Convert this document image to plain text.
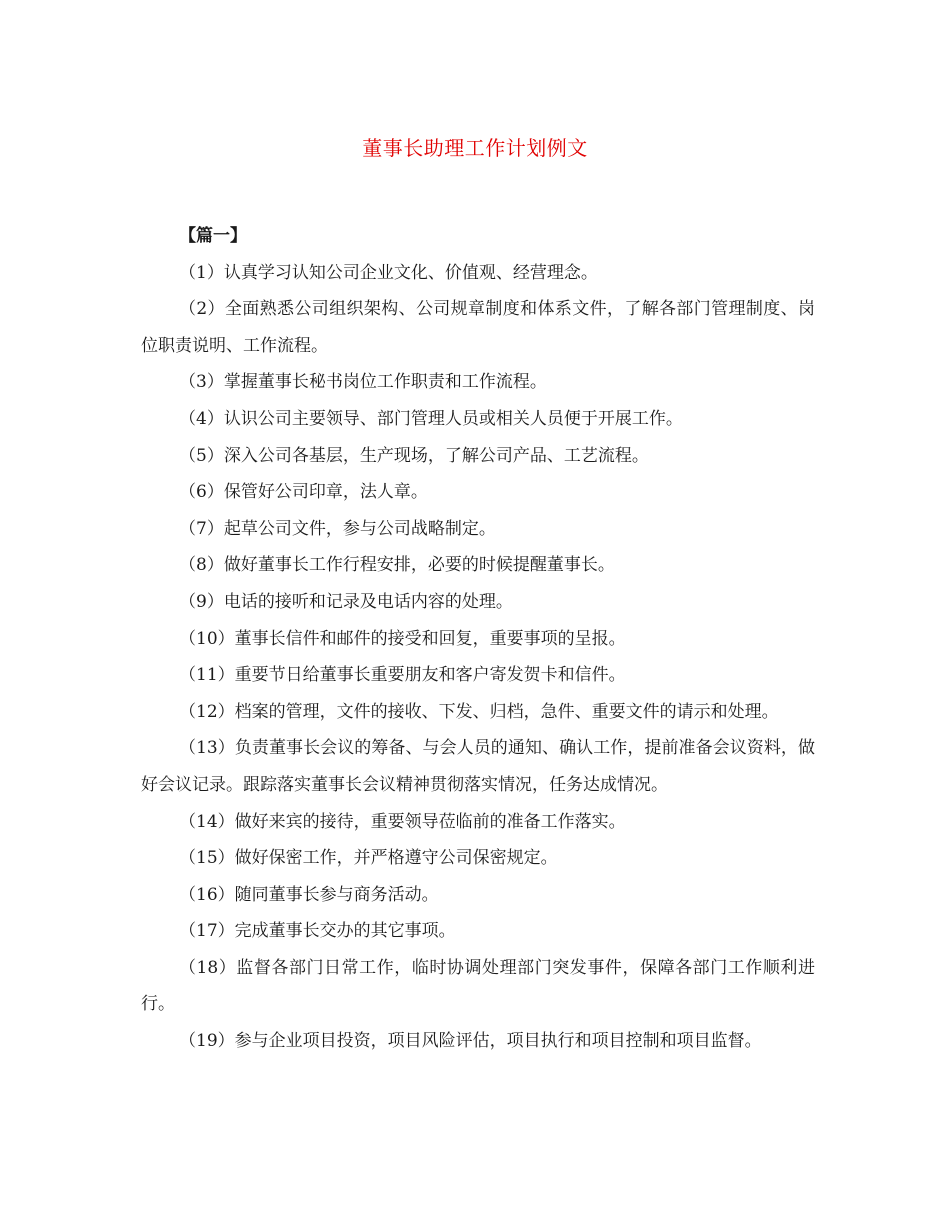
董事长助理工作计划例文

【篇一】

（1）认真学习认知公司企业文化、价值观、经营理念。

（2）全面熟悉公司组织架构、公司规章制度和体系文件，了解各部门管理制度、岗位职责说明、工作流程。

（3）掌握董事长秘书岗位工作职责和工作流程。

（4）认识公司主要领导、部门管理人员或相关人员便于开展工作。

（5）深入公司各基层，生产现场，了解公司产品、工艺流程。

（6）保管好公司印章，法人章。

（7）起草公司文件，参与公司战略制定。

（8）做好董事长工作行程安排，必要的时候提醒董事长。

（9）电话的接听和记录及电话内容的处理。

（10）董事长信件和邮件的接受和回复，重要事项的呈报。

（11）重要节日给董事长重要朋友和客户寄发贺卡和信件。

（12）档案的管理，文件的接收、下发、归档，急件、重要文件的请示和处理。

（13）负责董事长会议的筹备、与会人员的通知、确认工作，提前准备会议资料，做好会议记录。跟踪落实董事长会议精神贯彻落实情况，任务达成情况。

（14）做好来宾的接待，重要领导莅临前的准备工作落实。

（15）做好保密工作，并严格遵守公司保密规定。

（16）随同董事长参与商务活动。

（17）完成董事长交办的其它事项。

（18）监督各部门日常工作，临时协调处理部门突发事件，保障各部门工作顺利进行。

（19）参与企业项目投资，项目风险评估，项目执行和项目控制和项目监督。
